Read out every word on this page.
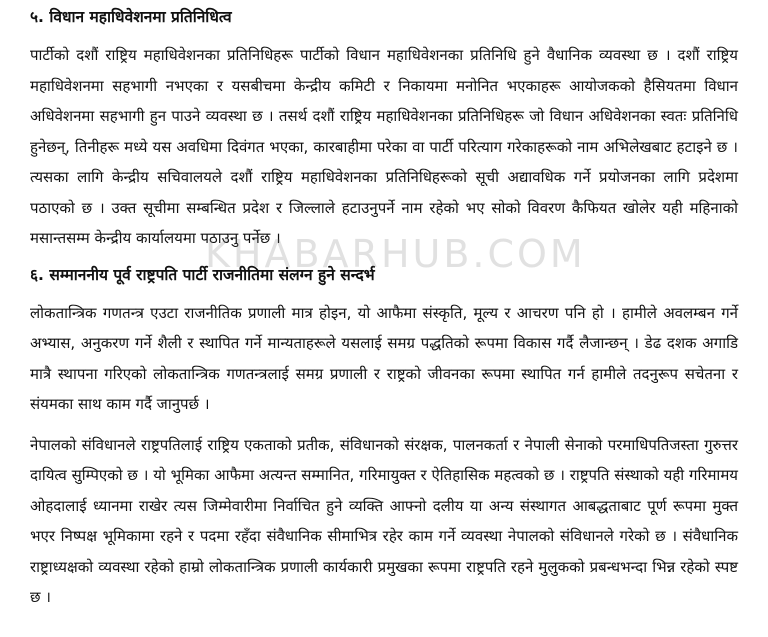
५. विधान महाधिवेशनमा प्रतिनिधित्व

पार्टीको दशौं राष्ट्रिय महाधिवेशनका प्रतिनिधिहरू पार्टीको विधान महाधिवेशनका प्रतिनिधि हुने वैधानिक व्यवस्था छ । दशौं राष्ट्रिय महाधिवेशनमा सहभागी नभएका र यसबीचमा केन्द्रीय कमिटी र निकायमा मनोनित भएकाहरू आयोजकको हैसियतमा विधान अधिवेशनमा सहभागी हुन पाउने व्यवस्था छ । तसर्थ दशौं राष्ट्रिय महाधिवेशनका प्रतिनिधिहरू जो विधान अधिवेशनका स्वतः प्रतिनिधि हुनेछन्, तिनीहरू मध्ये यस अवधिमा दिवंगत भएका, कारबाहीमा परेका वा पार्टी परित्याग गरेकाहरूको नाम अभिलेखबाट हटाइने छ । त्यसका लागि केन्द्रीय सचिवालयले दशौं राष्ट्रिय महाधिवेशनका प्रतिनिधिहरूको सूची अद्यावधिक गर्ने प्रयोजनका लागि प्रदेशमा पठाएको छ । उक्त सूचीमा सम्बन्धित प्रदेश र जिल्लाले हटाउनुपर्ने नाम रहेको भए सोको विवरण कैफियत खोलेर यही महिनाको मसान्तसम्म केन्द्रीय कार्यालयमा पठाउनु पर्नेछ ।

६. सम्माननीय पूर्व राष्ट्रपति पार्टी राजनीतिमा संलग्न हुने सन्दर्भ

लोकतान्त्रिक गणतन्त्र एउटा राजनीतिक प्रणाली मात्र होइन, यो आफैमा संस्कृति, मूल्य र आचरण पनि हो । हामीले अवलम्बन गर्ने अभ्यास, अनुकरण गर्ने शैली र स्थापित गर्ने मान्यताहरूले यसलाई समग्र पद्धतिको रूपमा विकास गर्दै लैजान्छन् । डेढ दशक अगाडि मात्रै स्थापना गरिएको लोकतान्त्रिक गणतन्त्रलाई समग्र प्रणाली र राष्ट्रको जीवनका रूपमा स्थापित गर्न हामीले तदनुरूप सचेतना र संयमका साथ काम गर्दै जानुपर्छ ।

नेपालको संविधानले राष्ट्रपतिलाई राष्ट्रिय एकताको प्रतीक, संविधानको संरक्षक, पालनकर्ता र नेपाली सेनाको परमाधिपतिजस्ता गुरुत्तर दायित्व सुम्पिएको छ । यो भूमिका आफैमा अत्यन्त सम्मानित, गरिमायुक्त र ऐतिहासिक महत्वको छ । राष्ट्रपति संस्थाको यही गरिमामय ओहदालाई ध्यानमा राखेर त्यस जिम्मेवारीमा निर्वाचित हुने व्यक्ति आफ्नो दलीय या अन्य संस्थागत आबद्धताबाट पूर्ण रूपमा मुक्त भएर निष्पक्ष भूमिकामा रहने र पदमा रहँदा संवैधानिक सीमाभित्र रहेर काम गर्ने व्यवस्था नेपालको संविधानले गरेको छ । संवैधानिक राष्ट्राध्यक्षको व्यवस्था रहेको हाम्रो लोकतान्त्रिक प्रणाली कार्यकारी प्रमुखका रूपमा राष्ट्रपति रहने मुलुकको प्रबन्धभन्दा भिन्न रहेको स्पष्ट छ ।

KHABARHUB.COM
